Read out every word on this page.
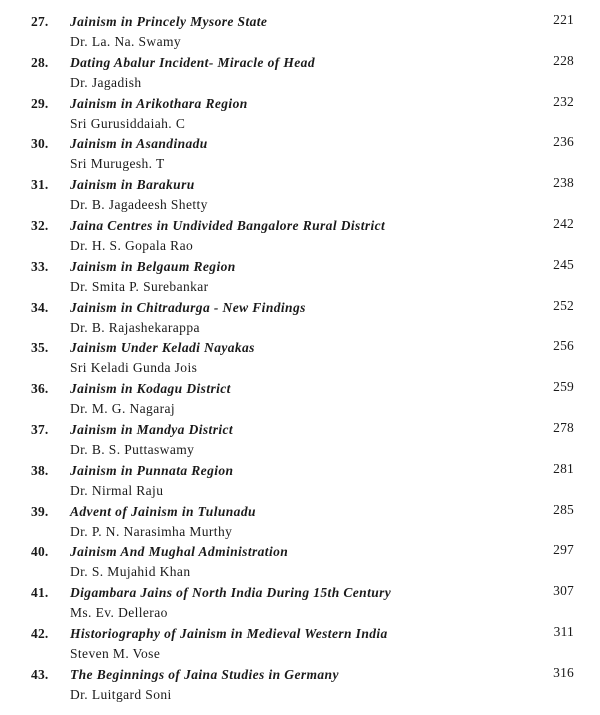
27. Jainism in Princely Mysore State
Dr. La. Na. Swamy
221
28. Dating Abalur Incident- Miracle of Head
Dr. Jagadish
228
29. Jainism in Arikothara Region
Sri Gurusiddaiah. C
232
30. Jainism in Asandinadu
Sri Murugesh. T
236
31. Jainism in Barakuru
Dr. B. Jagadeesh Shetty
238
32. Jaina Centres in Undivided Bangalore Rural District
Dr. H. S. Gopala Rao
242
33. Jainism in Belgaum Region
Dr. Smita P. Surebankar
245
34. Jainism in Chitradurga - New Findings
Dr. B. Rajashekarappa
252
35. Jainism Under Keladi Nayakas
Sri Keladi Gunda Jois
256
36. Jainism in Kodagu District
Dr. M. G. Nagaraj
259
37. Jainism in Mandya District
Dr. B. S. Puttaswamy
278
38. Jainism in Punnata Region
Dr. Nirmal Raju
281
39. Advent of Jainism in Tulunadu
Dr. P. N. Narasimha Murthy
285
40. Jainism And Mughal Administration
Dr. S. Mujahid Khan
297
41. Digambara Jains of North India During 15th Century
Ms. Ev. Dellerao
307
42. Historiography of Jainism in Medieval Western India
Steven M. Vose
311
43. The Beginnings of Jaina Studies in Germany
Dr. Luitgard Soni
316
